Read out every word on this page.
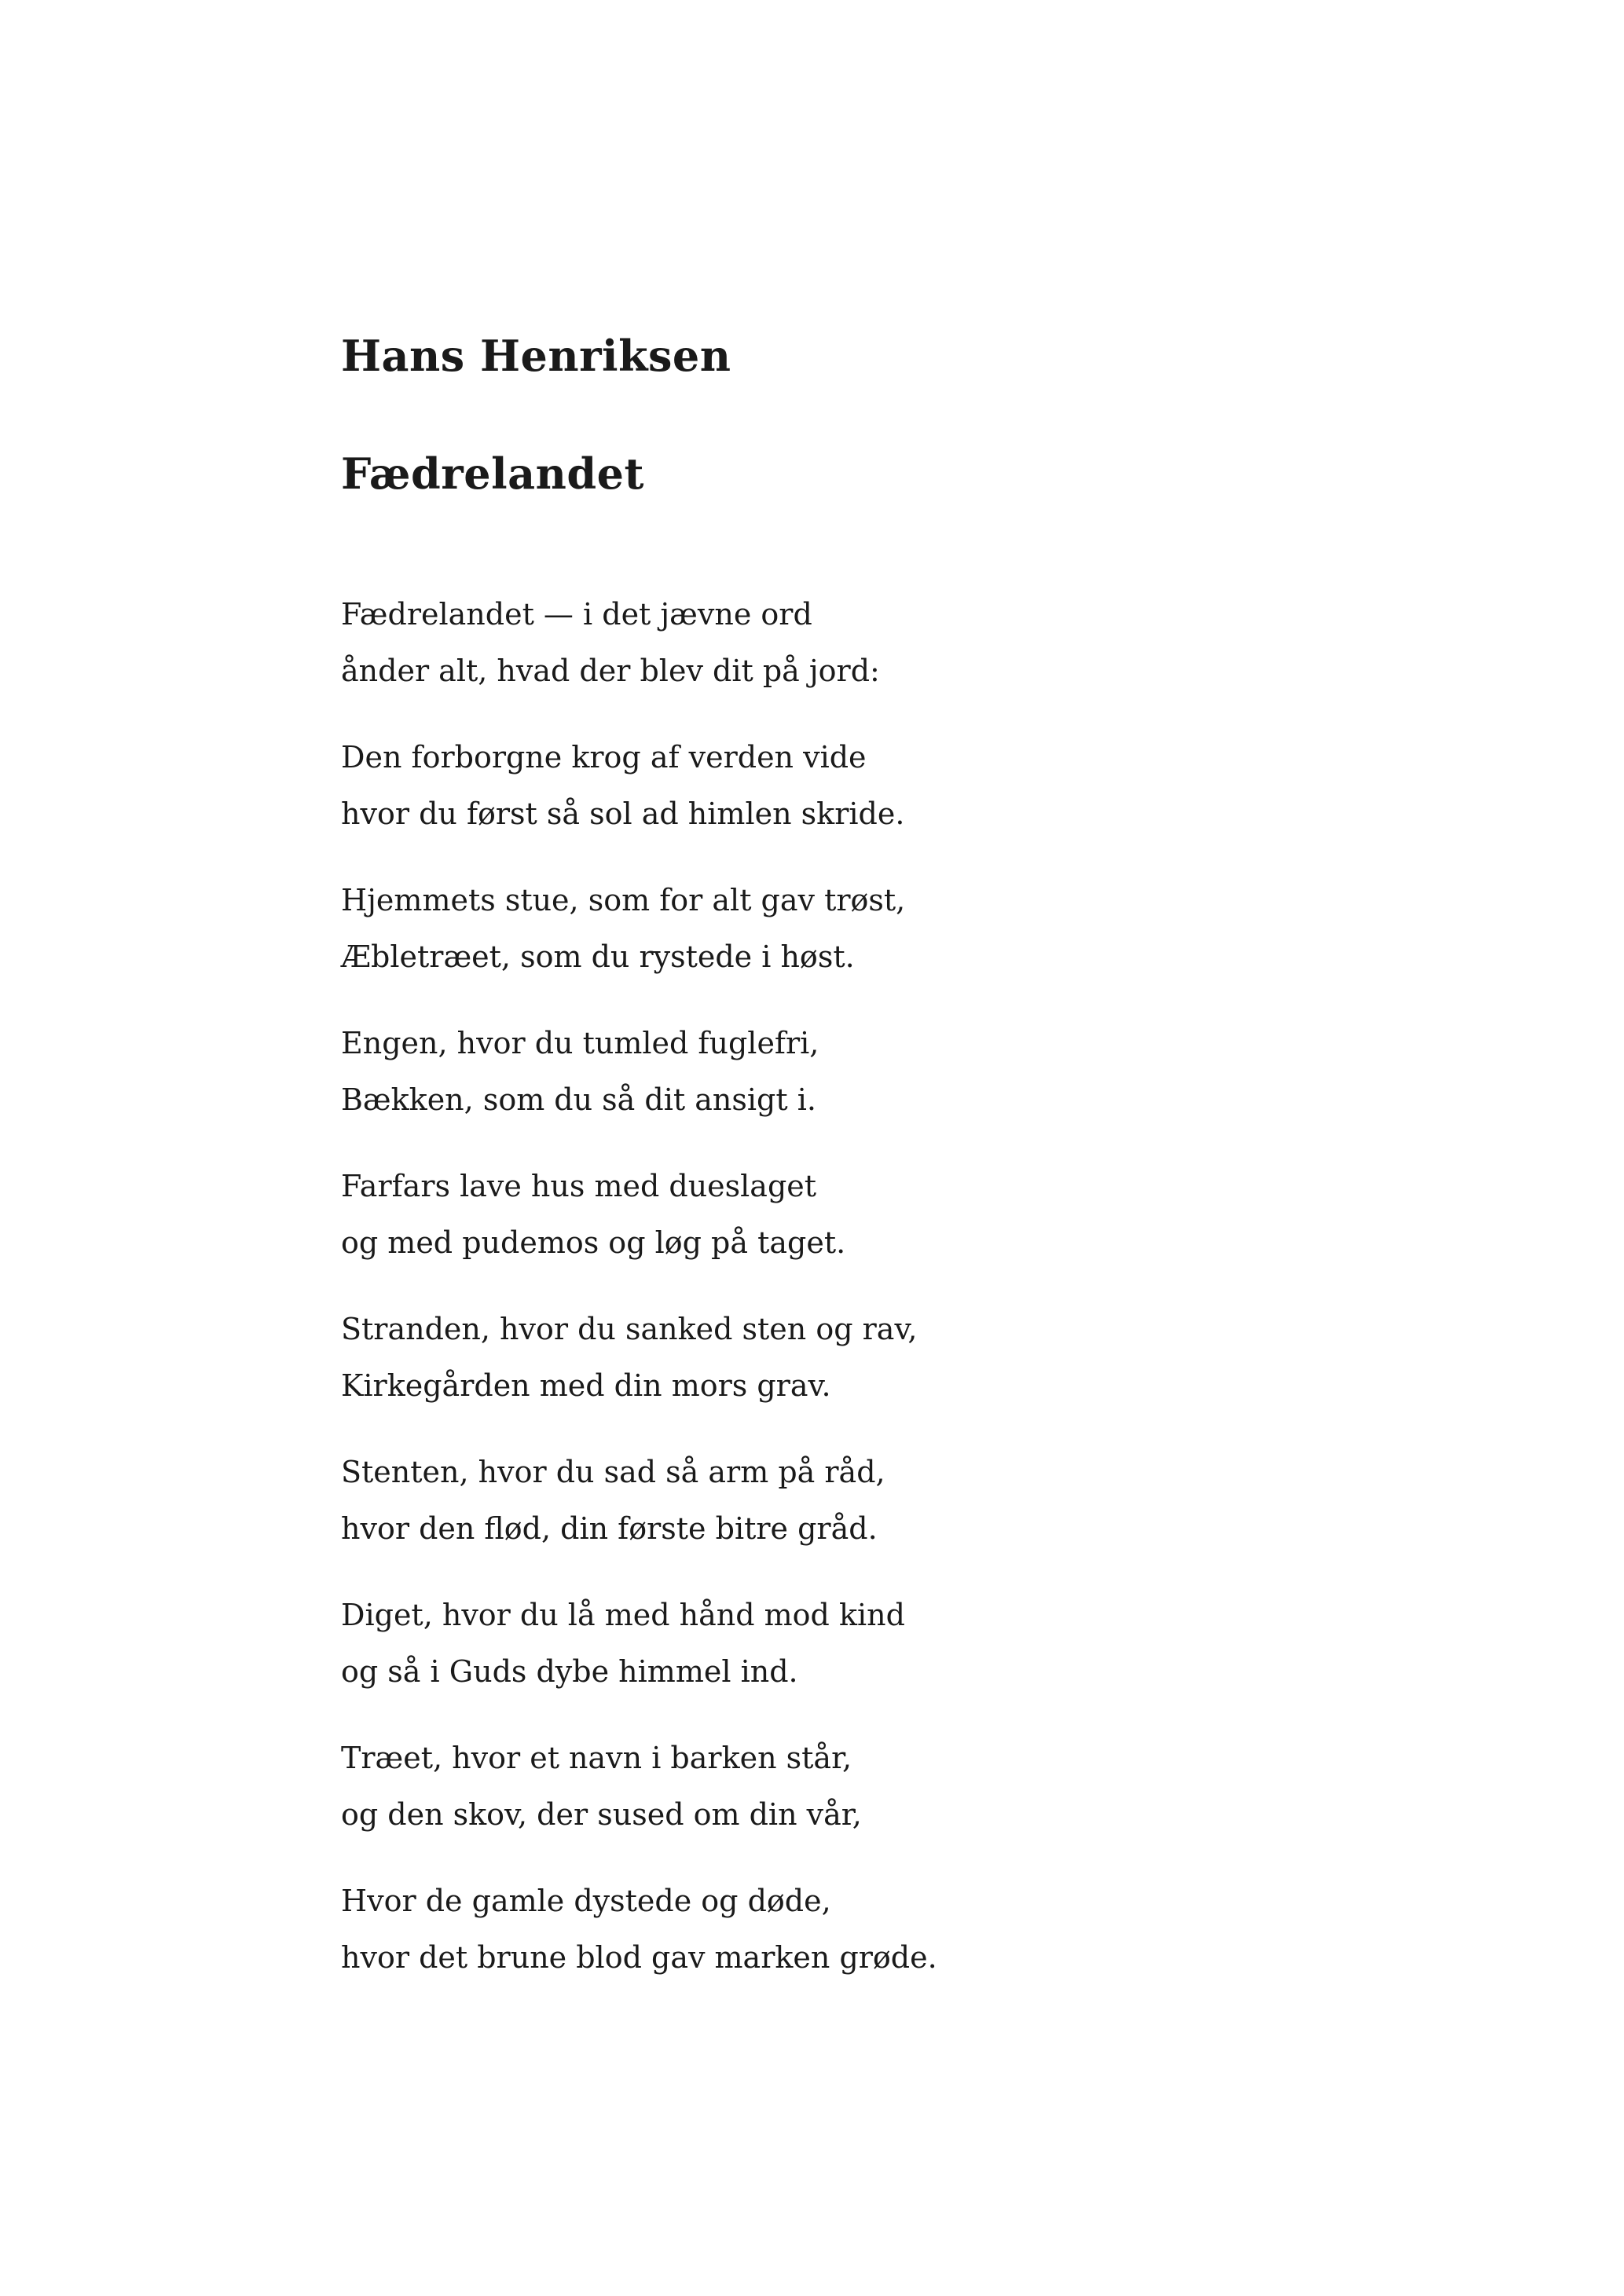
Hans Henriksen
Fædrelandet
Fædrelandet — i det jævne ord
ånder alt, hvad der blev dit på jord:
Den forborgne krog af verden vide
hvor du først så sol ad himlen skride.
Hjemmets stue, som for alt gav trøst,
Æbletræet, som du rystede i høst.
Engen, hvor du tumled fuglefri,
Bækken, som du så dit ansigt i.
Farfars lave hus med dueslaget
og med pudemos og løg på taget.
Stranden, hvor du sanked sten og rav,
Kirkegården med din mors grav.
Stenten, hvor du sad så arm på råd,
hvor den flød, din første bitre gråd.
Diget, hvor du lå med hånd mod kind
og så i Guds dybe himmel ind.
Træet, hvor et navn i barken står,
og den skov, der sused om din vår,
Hvor de gamle dystede og døde,
hvor det brune blod gav marken grøde.
